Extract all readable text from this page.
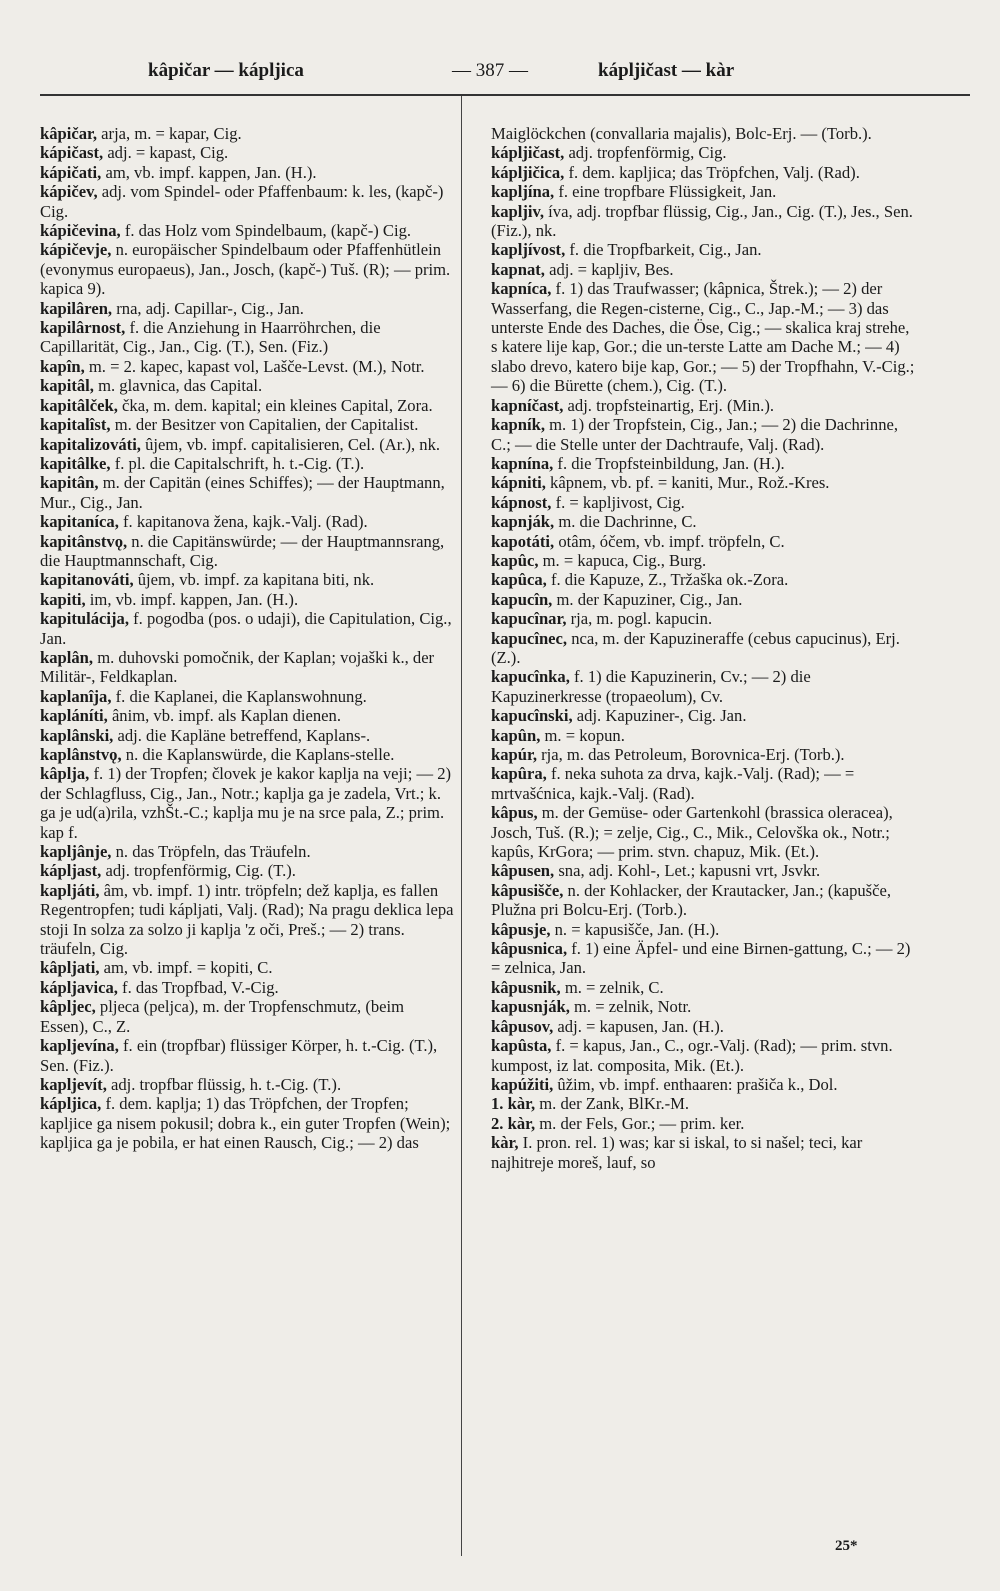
kâpičar — kápljica	— 387 —	kápljičast — kàr

kâpičar, arja, m. = kapar, Cig.

kápičast, adj. = kapast, Cig.

kápičati, am, vb. impf. kappen, Jan. (H.).

kápičev, adj. vom Spindel- oder Pfaffenbaum: k. les, (kapč-) Cig.

kápičevina, f. das Holz vom Spindelbaum, (kapč-) Cig.

kápičevje, n. europäischer Spindelbaum oder Pfaffenhütlein (evonymus europaeus), Jan., Josch, (kapč-) Tuš. (R); — prim. kapica 9).

kapilâren, rna, adj. Capillar-, Cig., Jan.

kapilârnost, f. die Anziehung in Haarröhrchen, die Capillarität, Cig., Jan., Cig. (T.), Sen. (Fiz.)

kapîn, m. = 2. kapec, kapast vol, Lašče-Levst. (M.), Notr.

kapitâl, m. glavnica, das Capital.

kapitâlček, čka, m. dem. kapital; ein kleines Capital, Zora.

kapitalîst, m. der Besitzer von Capitalien, der Capitalist.

kapitalizováti, ûjem, vb. impf. capitalisieren, Cel. (Ar.), nk.

kapitâlke, f. pl. die Capitalschrift, h. t.-Cig. (T.).

kapitân, m. der Capitän (eines Schiffes); — der Hauptmann, Mur., Cig., Jan.

kapitaníca, f. kapitanova žena, kajk.-Valj. (Rad).

kapitânstvǫ, n. die Capitänswürde; — der Hauptmannsrang, die Hauptmannschaft, Cig.

kapitanováti, ûjem, vb. impf. za kapitana biti, nk.

kapiti, im, vb. impf. kappen, Jan. (H.).

kapitulácija, f. pogodba (pos. o udaji), die Capitulation, Cig., Jan.

kaplân, m. duhovski pomočnik, der Kaplan; vojaški k., der Militär-, Feldkaplan.

kaplanîja, f. die Kaplanei, die Kaplanswohnung.

kapláníti, ânim, vb. impf. als Kaplan dienen.

kaplânski, adj. die Kapläne betreffend, Kaplans-.

kaplânstvǫ, n. die Kaplanswürde, die Kaplans-stelle.

kâplja, f. 1) der Tropfen; človek je kakor kaplja na veji; — 2) der Schlagfluss, Cig., Jan., Notr.; kaplja ga je zadela, Vrt.; k. ga je ud(a)rila, vzhŠt.-C.; kaplja mu je na srce pala, Z.; prim. kap f.

kapljânje, n. das Tröpfeln, das Träufeln.

kápljast, adj. tropfenförmig, Cig. (T.).

kapljáti, âm, vb. impf. 1) intr. tröpfeln; dež kaplja, es fallen Regentropfen; tudi kápljati, Valj. (Rad); Na pragu deklica lepa stoji In solza za solzo ji kaplja 'z oči, Preš.; — 2) trans. träufeln, Cig.

kâpljati, am, vb. impf. = kopiti, C.

kápljavica, f. das Tropfbad, V.-Cig.

kâpljec, pljeca (peljca), m. der Tropfenschmutz, (beim Essen), C., Z.

kapljevína, f. ein (tropfbar) flüssiger Körper, h. t.-Cig. (T.), Sen. (Fiz.).

kapljevít, adj. tropfbar flüssig, h. t.-Cig. (T.).

kápljica, f. dem. kaplja; 1) das Tröpfchen, der Tropfen; kapljice ga nisem pokusil; dobra k., ein guter Tropfen (Wein); kapljica ga je pobila, er hat einen Rausch, Cig.; — 2) das

Maiglöckchen (convallaria majalis), Bolc-Erj. — (Torb.).

kápljičast, adj. tropfenförmig, Cig.

kápljičica, f. dem. kapljica; das Tröpfchen, Valj. (Rad).

kapljína, f. eine tropfbare Flüssigkeit, Jan.

kapljiv, íva, adj. tropfbar flüssig, Cig., Jan., Cig. (T.), Jes., Sen. (Fiz.), nk.

kapljívost, f. die Tropfbarkeit, Cig., Jan.

kapnat, adj. = kapljiv, Bes.

kapníca, f. 1) das Traufwasser; (kâpnica, Štrek.); — 2) der Wasserfang, die Regen-cisterne, Cig., C., Jap.-M.; — 3) das unterste Ende des Daches, die Öse, Cig.; — skalica kraj strehe, s katere lije kap, Gor.; die un-terste Latte am Dache M.; — 4) slabo drevo, katero bije kap, Gor.; — 5) der Tropfhahn, V.-Cig.; — 6) die Bürette (chem.), Cig. (T.).

kapníčast, adj. tropfsteinartig, Erj. (Min.).

kapník, m. 1) der Tropfstein, Cig., Jan.; — 2) die Dachrinne, C.; — die Stelle unter der Dachtraufe, Valj. (Rad).

kapnína, f. die Tropfsteinbildung, Jan. (H.).

kápniti, kâpnem, vb. pf. = kaniti, Mur., Rož.-Kres.

kápnost, f. = kapljivost, Cig.

kapnják, m. die Dachrinne, C.

kapotáti, otâm, óčem, vb. impf. tröpfeln, C.

kapûc, m. = kapuca, Cig., Burg.

kapûca, f. die Kapuze, Z., Tržaška ok.-Zora.

kapucîn, m. der Kapuziner, Cig., Jan.

kapucînar, rja, m. pogl. kapucin.

kapucînec, nca, m. der Kapuzineraffe (cebus capucinus), Erj. (Z.).

kapucînka, f. 1) die Kapuzinerin, Cv.; — 2) die Kapuzinerkresse (tropaeolum), Cv.

kapucînski, adj. Kapuziner-, Cig. Jan.

kapûn, m. = kopun.

kapúr, rja, m. das Petroleum, Borovnica-Erj. (Torb.).

kapûra, f. neka suhota za drva, kajk.-Valj. (Rad); — = mrtvašćnica, kajk.-Valj. (Rad).

kâpus, m. der Gemüse- oder Gartenkohl (brassica oleracea), Josch, Tuš. (R.); = zelje, Cig., C., Mik., Celovška ok., Notr.; kapûs, KrGora; — prim. stvn. chapuz, Mik. (Et.).

kâpusen, sna, adj. Kohl-, Let.; kapusni vrt, Jsvkr.

kâpusišče, n. der Kohlacker, der Krautacker, Jan.; (kapušče, Plužna pri Bolcu-Erj. (Torb.).

kâpusje, n. = kapusišče, Jan. (H.).

kâpusnica, f. 1) eine Äpfel- und eine Birnen-gattung, C.; — 2) = zelnica, Jan.

kâpusnik, m. = zelnik, C.

kapusnják, m. = zelnik, Notr.

kâpusov, adj. = kapusen, Jan. (H.).

kapûsta, f. = kapus, Jan., C., ogr.-Valj. (Rad); — prim. stvn. kumpost, iz lat. composita, Mik. (Et.).

kapúžiti, ûžim, vb. impf. enthaaren: prašiča k., Dol.

1. kàr, m. der Zank, BlKr.-M.

2. kàr, m. der Fels, Gor.; — prim. ker.

kàr, I. pron. rel. 1) was; kar si iskal, to si našel; teci, kar najhitreje moreš, lauf, so

25*
